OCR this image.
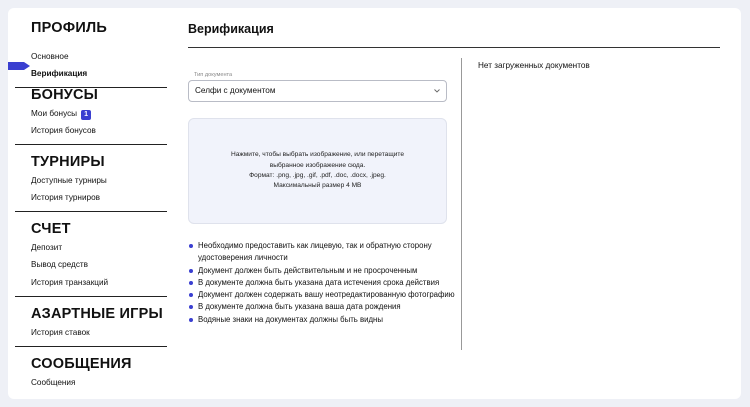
ПРОФИЛЬ
Основное
Верификация
БОНУСЫ
Мои бонусы 1
История бонусов
ТУРНИРЫ
Доступные турниры
История турниров
СЧЕТ
Депозит
Вывод средств
История транзакций
АЗАРТНЫЕ ИГРЫ
История ставок
СООБЩЕНИЯ
Сообщения
Верификация
Тип документа
Селфи с документом
Нажмите, чтобы выбрать изображение, или перетащите
выбранное изображение сюда.
Формат: .png, .jpg, .gif, .pdf, .doc, .docx, .jpeg.
Максимальный размер 4 MB
Необходимо предоставить как лицевую, так и обратную сторону удостоверения личности
Документ должен быть действительным и не просроченным
В документе должна быть указана дата истечения срока действия
Документ должен содержать вашу неотредактированную фотографию
В документе должна быть указана ваша дата рождения
Водяные знаки на документах должны быть видны
Нет загруженных документов
